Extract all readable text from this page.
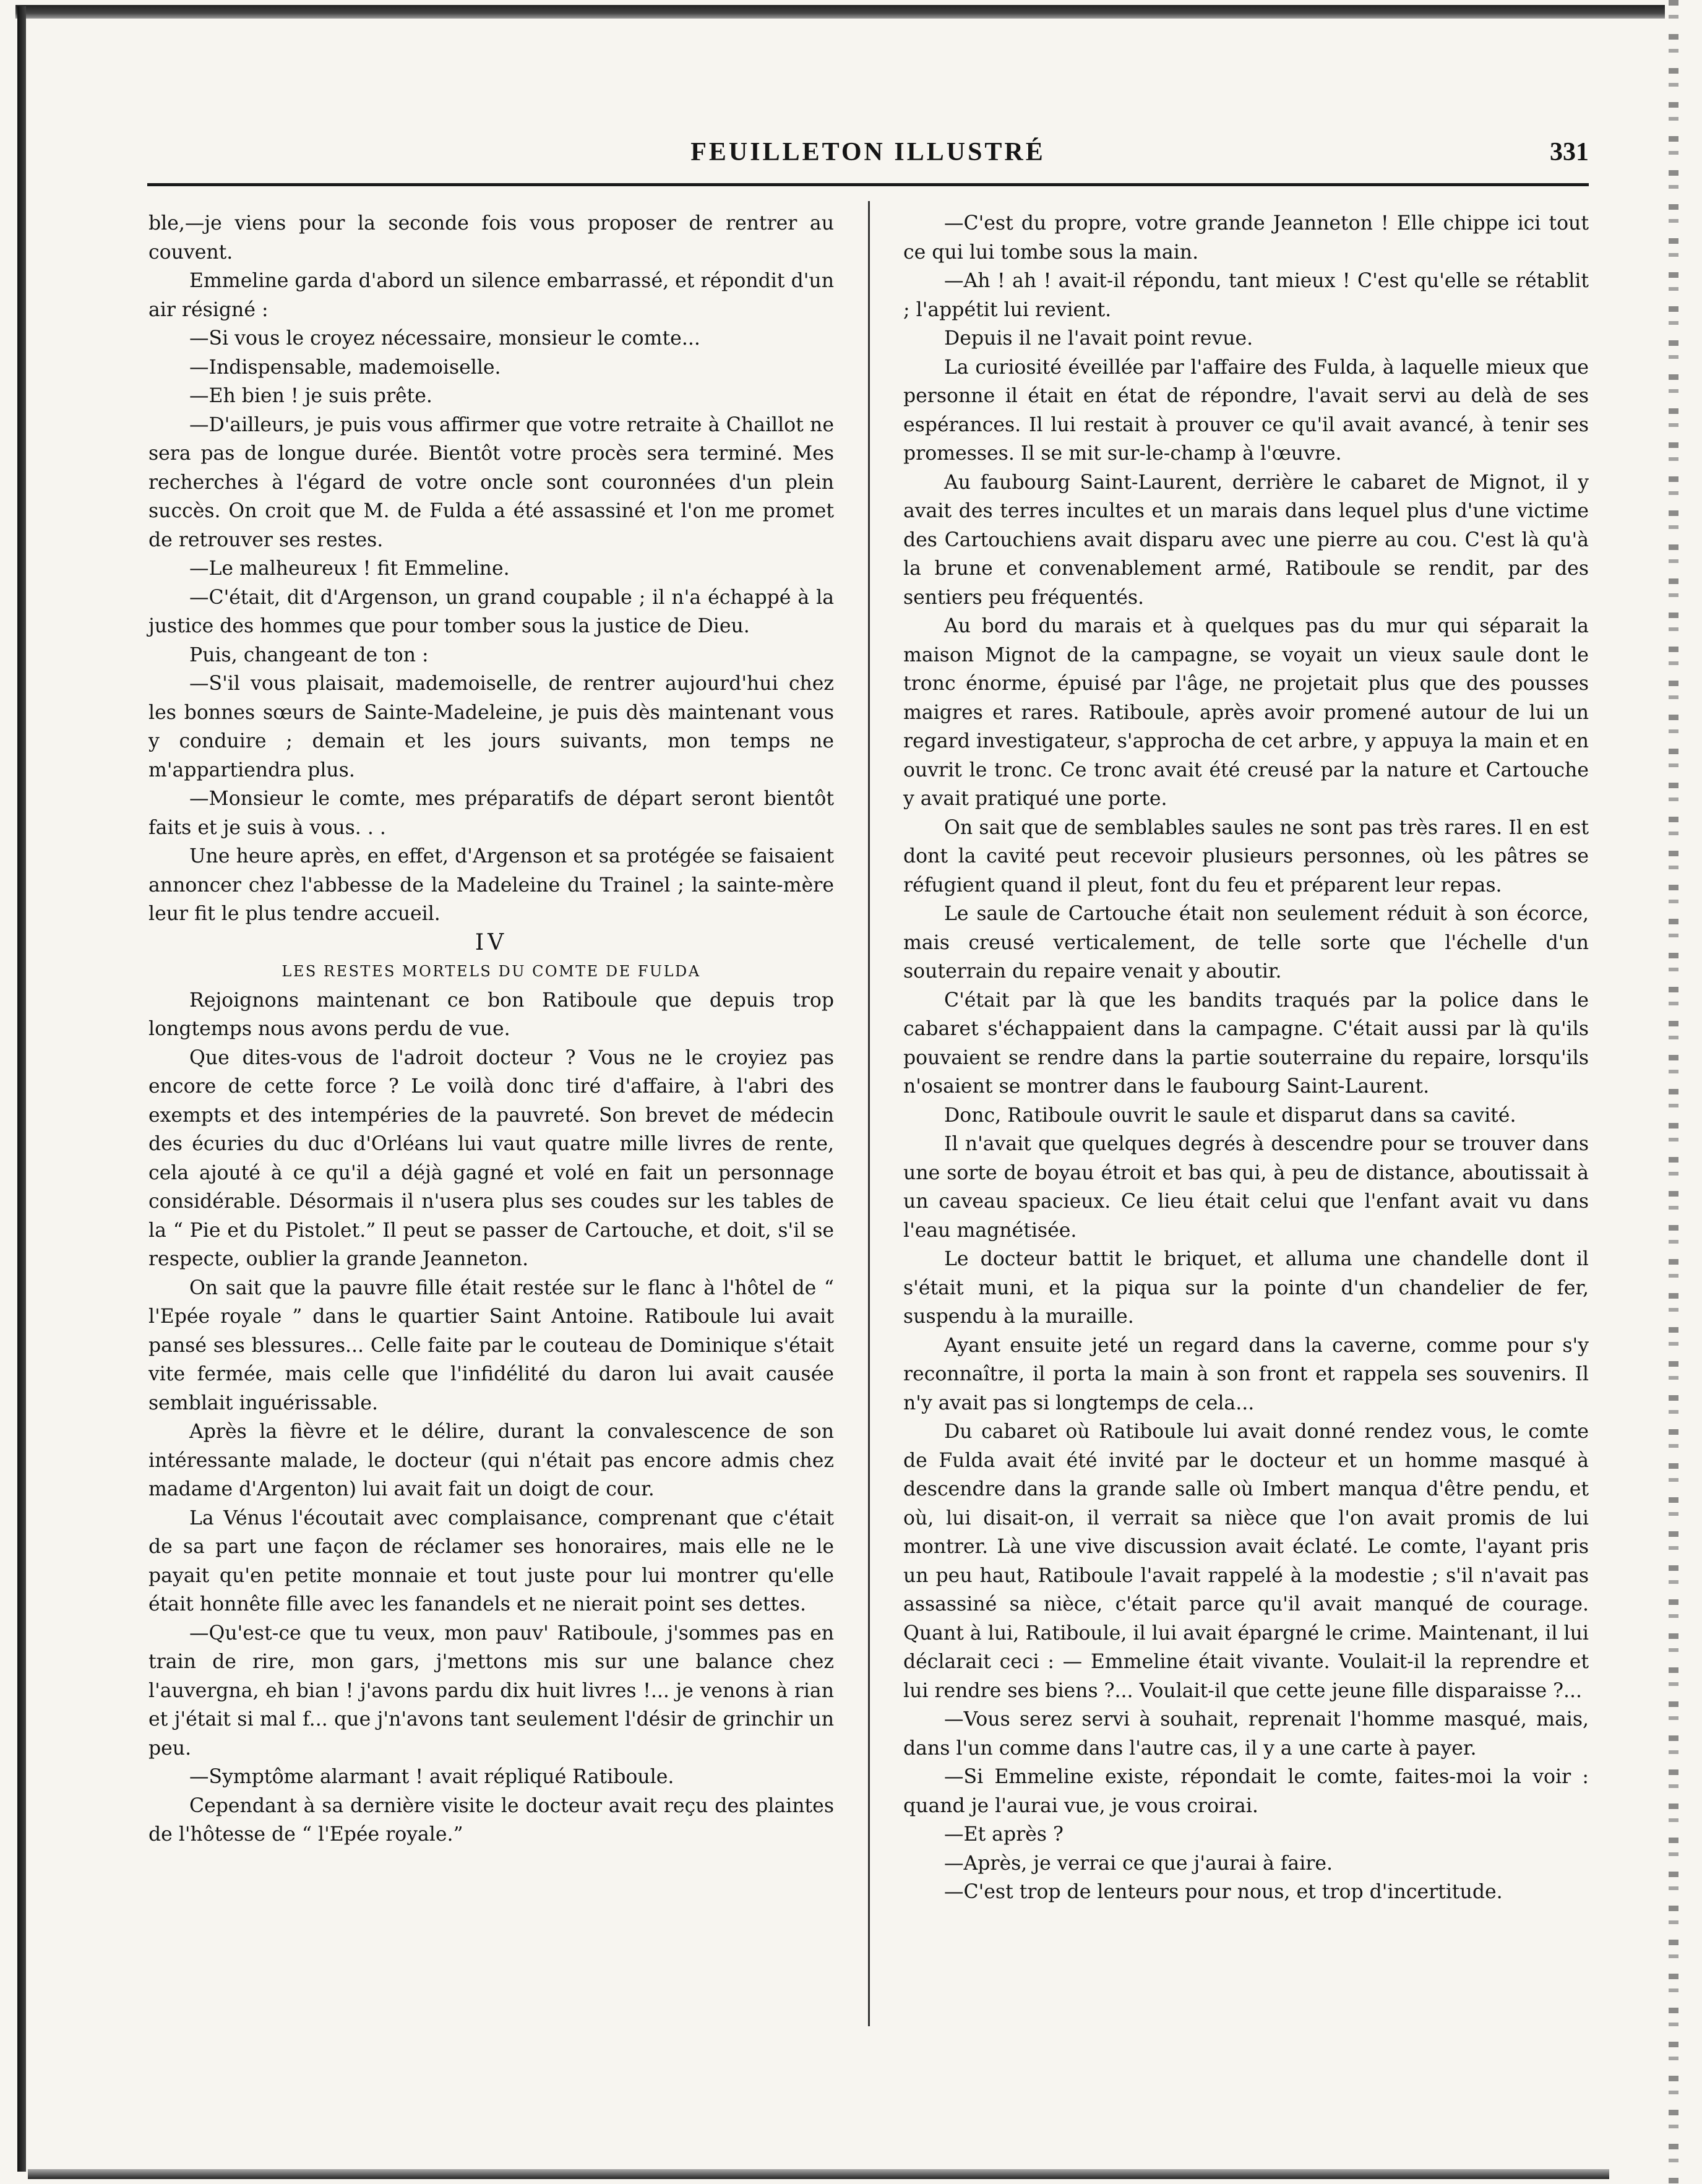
FEUILLETON ILLUSTRÉ	331

ble,—je viens pour la seconde fois vous proposer de rentrer au couvent.

Emmeline garda d'abord un silence embarrassé, et répondit d'un air résigné :

—Si vous le croyez nécessaire, monsieur le comte...

—Indispensable, mademoiselle.

—Eh bien ! je suis prête.

—D'ailleurs, je puis vous affirmer que votre retraite à Chaillot ne sera pas de longue durée. Bientôt votre procès sera terminé. Mes recherches à l'égard de votre oncle sont couronnées d'un plein succès. On croit que M. de Fulda a été assassiné et l'on me promet de retrouver ses restes.

—Le malheureux ! fit Emmeline.

—C'était, dit d'Argenson, un grand coupable ; il n'a échappé à la justice des hommes que pour tomber sous la justice de Dieu.

Puis, changeant de ton :

—S'il vous plaisait, mademoiselle, de rentrer aujourd'hui chez les bonnes sœurs de Sainte-Madeleine, je puis dès maintenant vous y conduire ; demain et les jours suivants, mon temps ne m'appartiendra plus.

—Monsieur le comte, mes préparatifs de départ seront bientôt faits et je suis à vous. . .

Une heure après, en effet, d'Argenson et sa protégée se faisaient annoncer chez l'abbesse de la Madeleine du Trainel ; la sainte-mère leur fit le plus tendre accueil.

IV

LES RESTES MORTELS DU COMTE DE FULDA

Rejoignons maintenant ce bon Ratiboule que depuis trop longtemps nous avons perdu de vue.

Que dites-vous de l'adroit docteur ? Vous ne le croyiez pas encore de cette force ? Le voilà donc tiré d'affaire, à l'abri des exempts et des intempéries de la pauvreté. Son brevet de médecin des écuries du duc d'Orléans lui vaut quatre mille livres de rente, cela ajouté à ce qu'il a déjà gagné et volé en fait un personnage considérable. Désormais il n'usera plus ses coudes sur les tables de la “ Pie et du Pistolet.” Il peut se passer de Cartouche, et doit, s'il se respecte, oublier la grande Jeanneton.

On sait que la pauvre fille était restée sur le flanc à l'hôtel de “ l'Epée royale ” dans le quartier Saint Antoine. Ratiboule lui avait pansé ses blessures... Celle faite par le couteau de Dominique s'était vite fermée, mais celle que l'infidélité du daron lui avait causée semblait inguérissable.

Après la fièvre et le délire, durant la convalescence de son intéressante malade, le docteur (qui n'était pas encore admis chez madame d'Argenton) lui avait fait un doigt de cour.

La Vénus l'écoutait avec complaisance, comprenant que c'était de sa part une façon de réclamer ses honoraires, mais elle ne le payait qu'en petite monnaie et tout juste pour lui montrer qu'elle était honnête fille avec les fanandels et ne nierait point ses dettes.

—Qu'est-ce que tu veux, mon pauv' Ratiboule, j'sommes pas en train de rire, mon gars, j'mettons mis sur une balance chez l'auvergna, eh bian ! j'avons pardu dix huit livres !... je venons à rian et j'était si mal f... que j'n'avons tant seulement l'désir de grinchir un peu.

—Symptôme alarmant ! avait répliqué Ratiboule.

Cependant à sa dernière visite le docteur avait reçu des plaintes de l'hôtesse de “ l'Epée royale.”

—C'est du propre, votre grande Jeanneton ! Elle chippe ici tout ce qui lui tombe sous la main.

—Ah ! ah ! avait-il répondu, tant mieux ! C'est qu'elle se rétablit ; l'appétit lui revient.

Depuis il ne l'avait point revue.

La curiosité éveillée par l'affaire des Fulda, à laquelle mieux que personne il était en état de répondre, l'avait servi au delà de ses espérances. Il lui restait à prouver ce qu'il avait avancé, à tenir ses promesses. Il se mit sur-le-champ à l'œuvre.

Au faubourg Saint-Laurent, derrière le cabaret de Mignot, il y avait des terres incultes et un marais dans lequel plus d'une victime des Cartouchiens avait disparu avec une pierre au cou. C'est là qu'à la brune et convenablement armé, Ratiboule se rendit, par des sentiers peu fréquentés.

Au bord du marais et à quelques pas du mur qui séparait la maison Mignot de la campagne, se voyait un vieux saule dont le tronc énorme, épuisé par l'âge, ne projetait plus que des pousses maigres et rares. Ratiboule, après avoir promené autour de lui un regard investigateur, s'approcha de cet arbre, y appuya la main et en ouvrit le tronc. Ce tronc avait été creusé par la nature et Cartouche y avait pratiqué une porte.

On sait que de semblables saules ne sont pas très rares. Il en est dont la cavité peut recevoir plusieurs personnes, où les pâtres se réfugient quand il pleut, font du feu et préparent leur repas.

Le saule de Cartouche était non seulement réduit à son écorce, mais creusé verticalement, de telle sorte que l'échelle d'un souterrain du repaire venait y aboutir.

C'était par là que les bandits traqués par la police dans le cabaret s'échappaient dans la campagne. C'était aussi par là qu'ils pouvaient se rendre dans la partie souterraine du repaire, lorsqu'ils n'osaient se montrer dans le faubourg Saint-Laurent.

Donc, Ratiboule ouvrit le saule et disparut dans sa cavité.

Il n'avait que quelques degrés à descendre pour se trouver dans une sorte de boyau étroit et bas qui, à peu de distance, aboutissait à un caveau spacieux. Ce lieu était celui que l'enfant avait vu dans l'eau magnétisée.

Le docteur battit le briquet, et alluma une chandelle dont il s'était muni, et la piqua sur la pointe d'un chandelier de fer, suspendu à la muraille.

Ayant ensuite jeté un regard dans la caverne, comme pour s'y reconnaître, il porta la main à son front et rappela ses souvenirs. Il n'y avait pas si longtemps de cela...

Du cabaret où Ratiboule lui avait donné rendez vous, le comte de Fulda avait été invité par le docteur et un homme masqué à descendre dans la grande salle où Imbert manqua d'être pendu, et où, lui disait-on, il verrait sa nièce que l'on avait promis de lui montrer. Là une vive discussion avait éclaté. Le comte, l'ayant pris un peu haut, Ratiboule l'avait rappelé à la modestie ; s'il n'avait pas assassiné sa nièce, c'était parce qu'il avait manqué de courage. Quant à lui, Ratiboule, il lui avait épargné le crime. Maintenant, il lui déclarait ceci : — Emmeline était vivante. Voulait-il la reprendre et lui rendre ses biens ?... Voulait-il que cette jeune fille disparaisse ?...

—Vous serez servi à souhait, reprenait l'homme masqué, mais, dans l'un comme dans l'autre cas, il y a une carte à payer.

—Si Emmeline existe, répondait le comte, faites-moi la voir : quand je l'aurai vue, je vous croirai.

—Et après ?

—Après, je verrai ce que j'aurai à faire.

—C'est trop de lenteurs pour nous, et trop d'incertitude.
